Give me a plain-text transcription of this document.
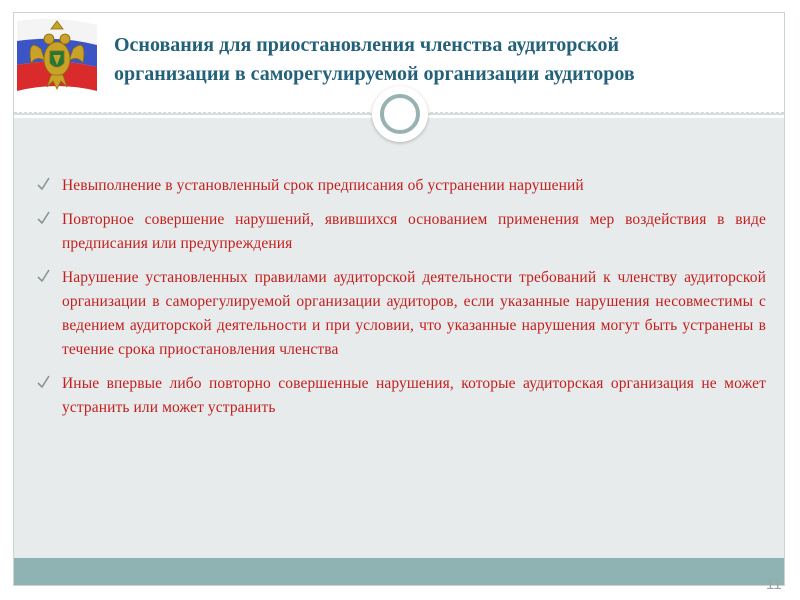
Основания для приостановления членства аудиторской
организации в саморегулируемой организации аудиторов
Невыполнение в установленный срок предписания об устранении нарушений
Повторное совершение нарушений, явившихся основанием применения мер воздействия в виде предписания или предупреждения
Нарушение установленных правилами аудиторской деятельности требований к членству аудиторской организации в саморегулируемой организации аудиторов, если указанные нарушения несовместимы с ведением аудиторской деятельности и при условии, что указанные нарушения могут быть устранены в течение срока приостановления членства
Иные впервые либо повторно совершенные нарушения, которые аудиторская организация не может устранить или может устранить
11
